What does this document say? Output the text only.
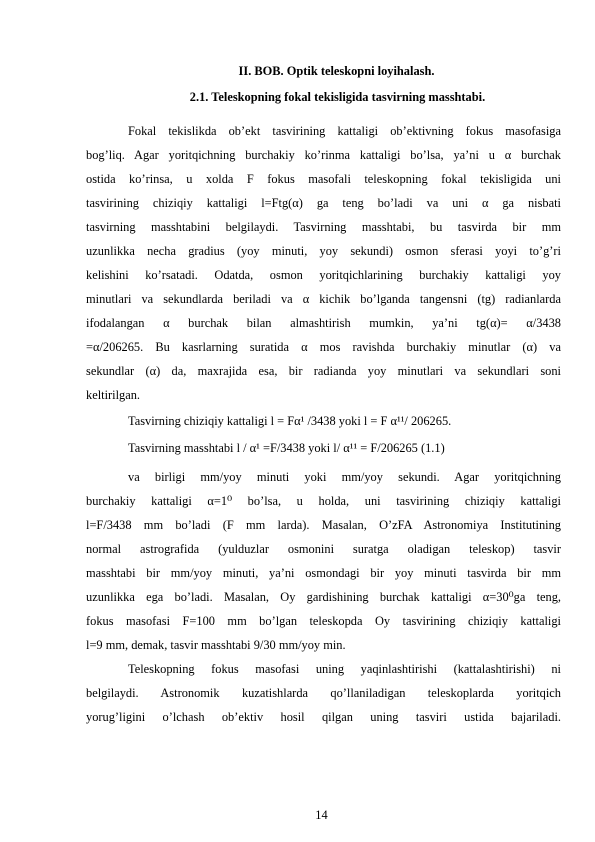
II. BOB. Optik teleskopni loyihalash.
2.1. Teleskopning fokal tekisligida tasvirning masshtabi.
Fokal tekislikda ob’ekt tasvirining kattaligi ob’ektivning fokus masofasiga
bog’liq. Agar yoritqichning burchakiy ko’rinma kattaligi bo’lsa, ya’ni u α burchak
ostida ko’rinsa, u xolda F fokus masofali teleskopning fokal tekisligida uni
tasvirining chiziqiy kattaligi l=Ftg(α) ga teng bo’ladi va uni α ga nisbati
tasvirning masshtabini belgilaydi. Tasvirning masshtabi, bu tasvirda bir mm
uzunlikka necha gradius (yoy minuti, yoy sekundi) osmon sferasi yoyi to’g’ri
kelishini ko’rsatadi. Odatda, osmon yoritqichlarining burchakiy kattaligi yoy
minutlari va sekundlarda beriladi va α kichik bo’lganda tangensni (tg) radianlarda
ifodalangan α burchak bilan almashtirish mumkin, ya’ni tg(α)= α/3438
=α/206265. Bu kasrlarning suratida α mos ravishda burchakiy minutlar (α) va
sekundlar (α) da, maxrajida esa, bir radianda yoy minutlari va sekundlari soni
keltirilgan.
Tasvirning chiziqiy kattaligi l = Fα¹ /3438 yoki l = F α¹¹/ 206265.
Tasvirning masshtabi l / α¹ =F/3438 yoki l/ α¹¹ = F/206265 (1.1)
va birligi mm/yoy minuti yoki mm/yoy sekundi. Agar yoritqichning
burchakiy kattaligi α=1⁰ bo’lsa, u holda, uni tasvirining chiziqiy kattaligi
l=F/3438 mm bo’ladi (F mm larda). Masalan, O’zFA Astronomiya Institutining
normal astrografida (yulduzlar osmonini suratga oladigan teleskop) tasvir
masshtabi bir mm/yoy minuti, ya’ni osmondagi bir yoy minuti tasvirda bir mm
uzunlikka ega bo’ladi. Masalan, Oy gardishining burchak kattaligi α=30⁰ga teng,
fokus masofasi F=100 mm bo’lgan teleskopda Oy tasvirining chiziqiy kattaligi
l=9 mm, demak, tasvir masshtabi 9/30 mm/yoy min.
Teleskopning fokus masofasi uning yaqinlashtirishi (kattalashtirishi) ni
belgilaydi. Astronomik kuzatishlarda qo’llaniladigan teleskoplarda yoritqich
yorug’ligini o’lchash ob’ektiv hosil qilgan uning tasviri ustida bajariladi.
14
